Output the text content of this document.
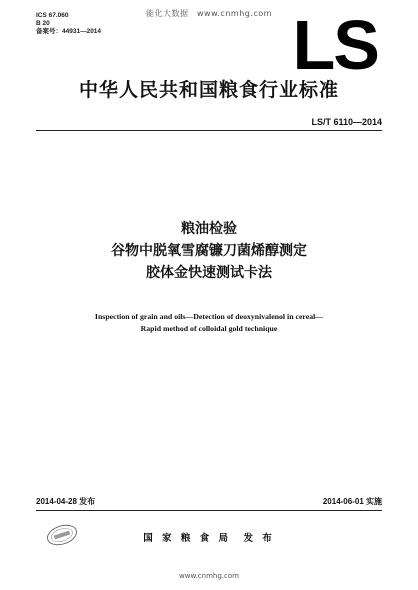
能化大数据　www.cnmhg.com
ICS 67.060
B 20
备案号：44931—2014	LS
中华人民共和国粮食行业标准
LS/T 6110—2014
粮油检验
谷物中脱氧雪腐镰刀菌烯醇测定
胶体金快速测试卡法
Inspection of grain and oils—Detection of deoxynivalenol in cereal—
Rapid method of colloidal gold technique
2014-04-28 发布	2014-06-01 实施
国 家 粮 食 局　发 布
www.cnmhg.com
